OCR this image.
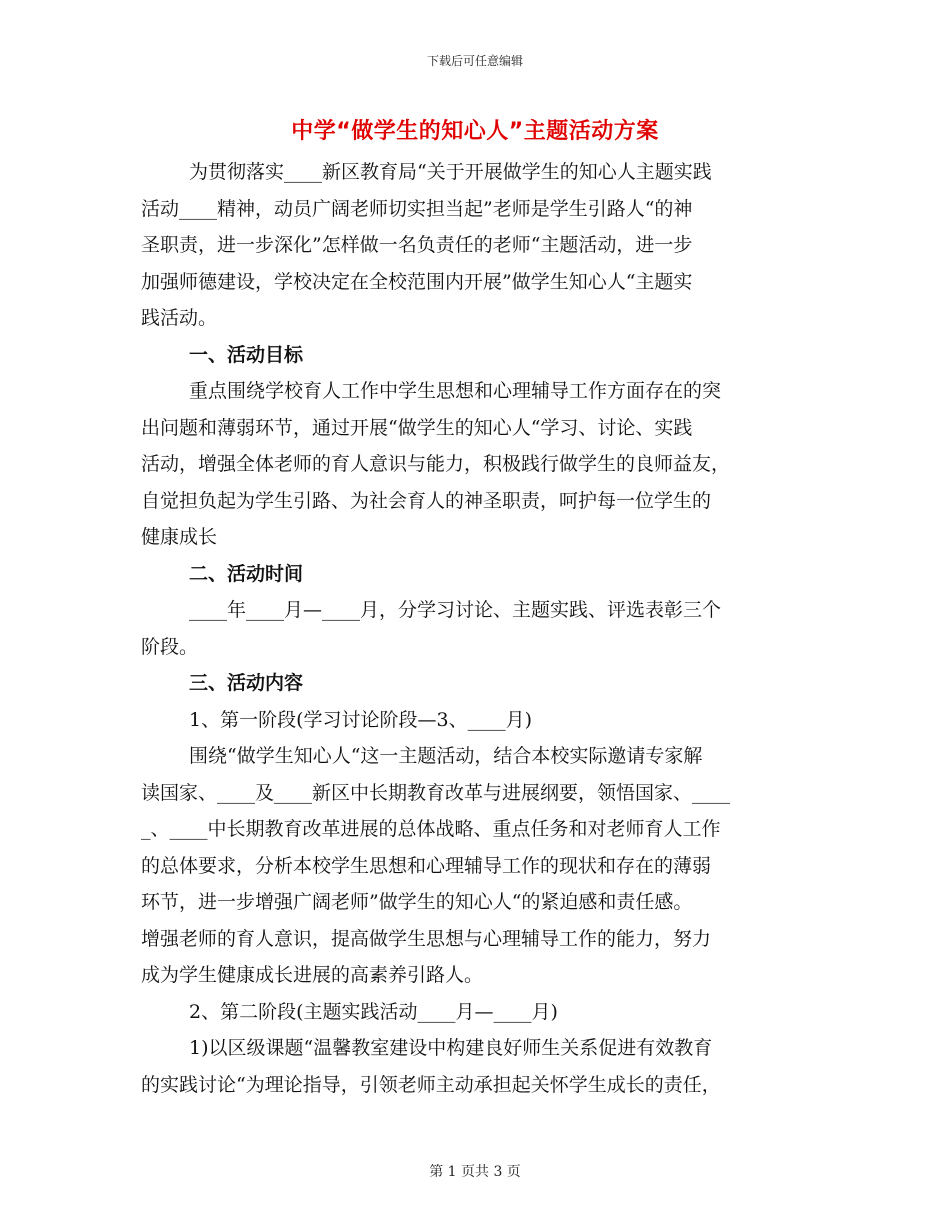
下载后可任意编辑
中学“做学生的知心人”主题活动方案
为贯彻落实____新区教育局“关于开展做学生的知心人主题实践
活动____精神，动员广阔老师切实担当起”老师是学生引路人“的神
圣职责，进一步深化”怎样做一名负责任的老师“主题活动，进一步
加强师德建设，学校决定在全校范围内开展”做学生知心人“主题实
践活动。
一、活动目标
重点围绕学校育人工作中学生思想和心理辅导工作方面存在的突
出问题和薄弱环节，通过开展“做学生的知心人“学习、讨论、实践
活动，增强全体老师的育人意识与能力，积极践行做学生的良师益友，
自觉担负起为学生引路、为社会育人的神圣职责，呵护每一位学生的
健康成长
二、活动时间
____年____月—____月，分学习讨论、主题实践、评选表彰三个
阶段。
三、活动内容
1、第一阶段(学习讨论阶段—3、____月)
围绕“做学生知心人“这一主题活动，结合本校实际邀请专家解
读国家、____及____新区中长期教育改革与进展纲要，领悟国家、____
_、____中长期教育改革进展的总体战略、重点任务和对老师育人工作
的总体要求，分析本校学生思想和心理辅导工作的现状和存在的薄弱
环节，进一步增强广阔老师”做学生的知心人“的紧迫感和责任感。
增强老师的育人意识，提高做学生思想与心理辅导工作的能力，努力
成为学生健康成长进展的高素养引路人。
2、第二阶段(主题实践活动____月—____月)
1)以区级课题“温馨教室建设中构建良好师生关系促进有效教育
的实践讨论“为理论指导，引领老师主动承担起关怀学生成长的责任，
第 1 页共 3 页
